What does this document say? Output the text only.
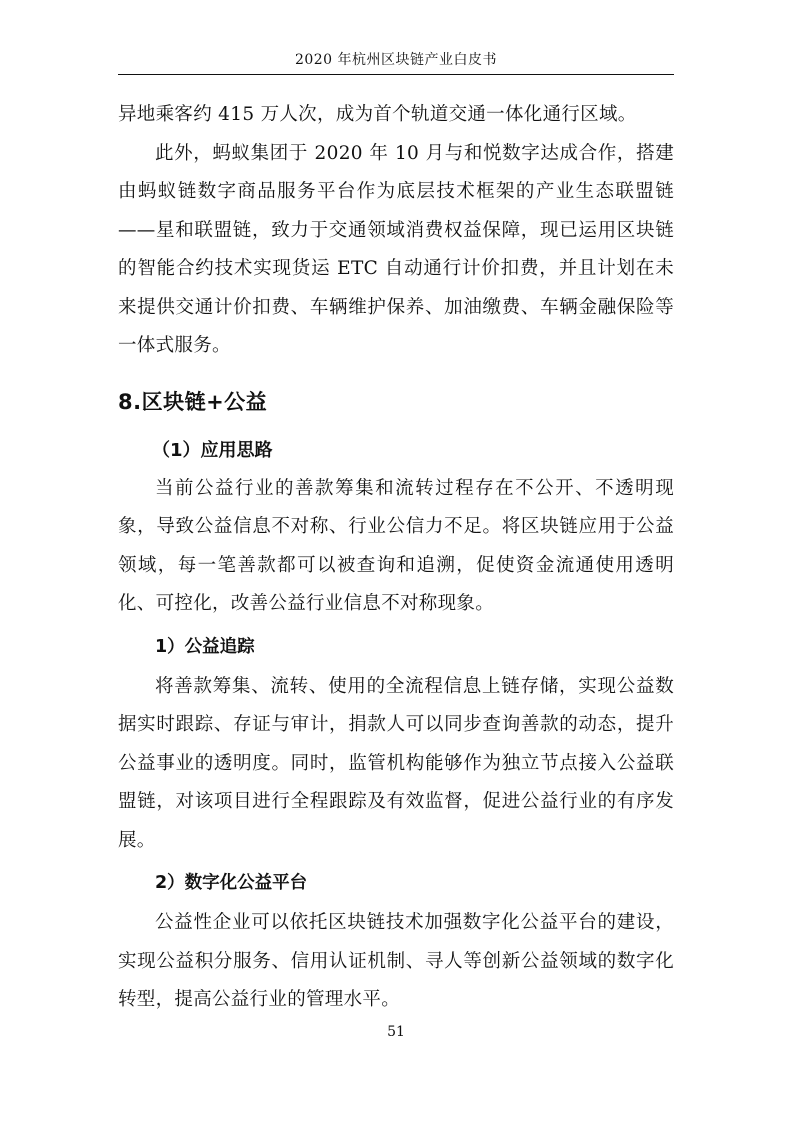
2020 年杭州区块链产业白皮书

异地乘客约 415 万人次，成为首个轨道交通一体化通行区域。

此外，蚂蚁集团于 2020 年 10 月与和悦数字达成合作，搭建由蚂蚁链数字商品服务平台作为底层技术框架的产业生态联盟链——星和联盟链，致力于交通领域消费权益保障，现已运用区块链的智能合约技术实现货运 ETC 自动通行计价扣费，并且计划在未来提供交通计价扣费、车辆维护保养、加油缴费、车辆金融保险等一体式服务。

8.区块链+公益
（1）应用思路

当前公益行业的善款筹集和流转过程存在不公开、不透明现象，导致公益信息不对称、行业公信力不足。将区块链应用于公益领域，每一笔善款都可以被查询和追溯，促使资金流通使用透明化、可控化，改善公益行业信息不对称现象。

1）公益追踪

将善款筹集、流转、使用的全流程信息上链存储，实现公益数据实时跟踪、存证与审计，捐款人可以同步查询善款的动态，提升公益事业的透明度。同时，监管机构能够作为独立节点接入公益联盟链，对该项目进行全程跟踪及有效监督，促进公益行业的有序发展。

2）数字化公益平台

公益性企业可以依托区块链技术加强数字化公益平台的建设，实现公益积分服务、信用认证机制、寻人等创新公益领域的数字化转型，提高公益行业的管理水平。

51
